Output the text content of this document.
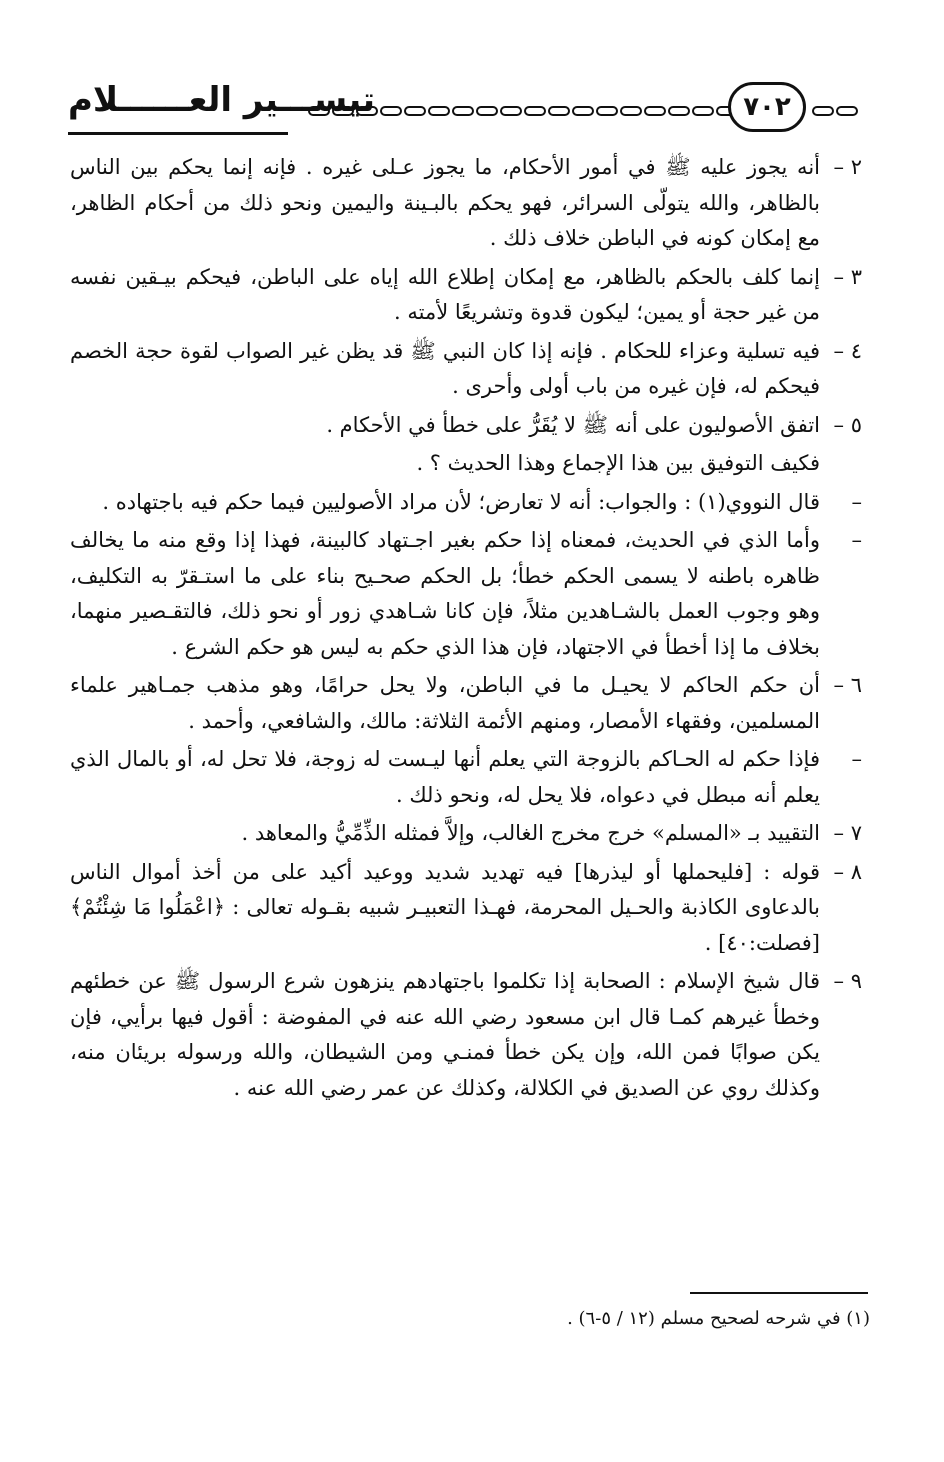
تيســـير العــــــلام	٧٠٢
٢ –
أنه يجوز عليه ﷺ في أمور الأحكام، ما يجوز عـلى غيره . فإنه إنما يحكم بين الناس بالظاهر، والله يتولّى السرائر، فهو يحكم بالبـينة واليمين ونحو ذلك من أحكام الظاهر، مع إمكان كونه في الباطن خلاف ذلك .
٣ –
إنما كلف بالحكم بالظاهر، مع إمكان إطلاع الله إياه على الباطن، فيحكم بيـقين نفسه من غير حجة أو يمين؛ ليكون قدوة وتشريعًا لأمته .
٤ –
فيه تسلية وعزاء للحكام . فإنه إذا كان النبي ﷺ قد يظن غير الصواب لقوة حجة الخصم فيحكم له، فإن غيره من باب أولى وأحرى .
٥ –
اتفق الأصوليون على أنه ﷺ لا يُقَرُّ على خطأ في الأحكام .
فكيف التوفيق بين هذا الإجماع وهذا الحديث ؟ .
–
قال النووي(١) : والجواب: أنه لا تعارض؛ لأن مراد الأصوليين فيما حكم فيه باجتهاده .
–
وأما الذي في الحديث، فمعناه إذا حكم بغير اجـتهاد كالبينة، فهذا إذا وقع منه ما يخالف ظاهره باطنه لا يسمى الحكم خطأ؛ بل الحكم صحـيح بناء على ما استـقرّ به التكليف، وهو وجوب العمل بالشـاهدين مثلاً، فإن كانا شـاهدي زور أو نحو ذلك، فالتقـصير منهما، بخلاف ما إذا أخطأ في الاجتهاد، فإن هذا الذي حكم به ليس هو حكم الشرع .
٦ –
أن حكم الحاكم لا يحيـل ما في الباطن، ولا يحل حرامًا، وهو مذهب جمـاهير علماء المسلمين، وفقهاء الأمصار، ومنهم الأئمة الثلاثة: مالك، والشافعي، وأحمد .
–
فإذا حكم له الحـاكم بالزوجة التي يعلم أنها ليـست له زوجة، فلا تحل له، أو بالمال الذي يعلم أنه مبطل في دعواه، فلا يحل له، ونحو ذلك .
٧ –
التقييد بـ «المسلم» خرج مخرج الغالب، وإلاَّ فمثله الذِّمِّيُّ والمعاهد .
٨ –
قوله : [فليحملها أو ليذرها] فيه تهديد شديد ووعيد أكيد على من أخذ أموال الناس بالدعاوى الكاذبة والحـيل المحرمة، فهـذا التعبيـر شبيه بقـوله تعالى : ﴿اعْمَلُوا مَا شِئْتُمْ﴾ [فصلت:٤٠] .
٩ –
قال شيخ الإسلام : الصحابة إذا تكلموا باجتهادهم ينزهون شرع الرسول ﷺ عن خطئهم وخطأ غيرهم كمـا قال ابن مسعود رضي الله عنه في المفوضة : أقول فيها برأيي، فإن يكن صوابًا فمن الله، وإن يكن خطأ فمنـي ومن الشيطان، والله ورسوله بريئان منه، وكذلك روي عن الصديق في الكلالة، وكذلك عن عمر رضي الله عنه .
(١) في شرحه لصحيح مسلم (١٢ / ٥-٦) .
